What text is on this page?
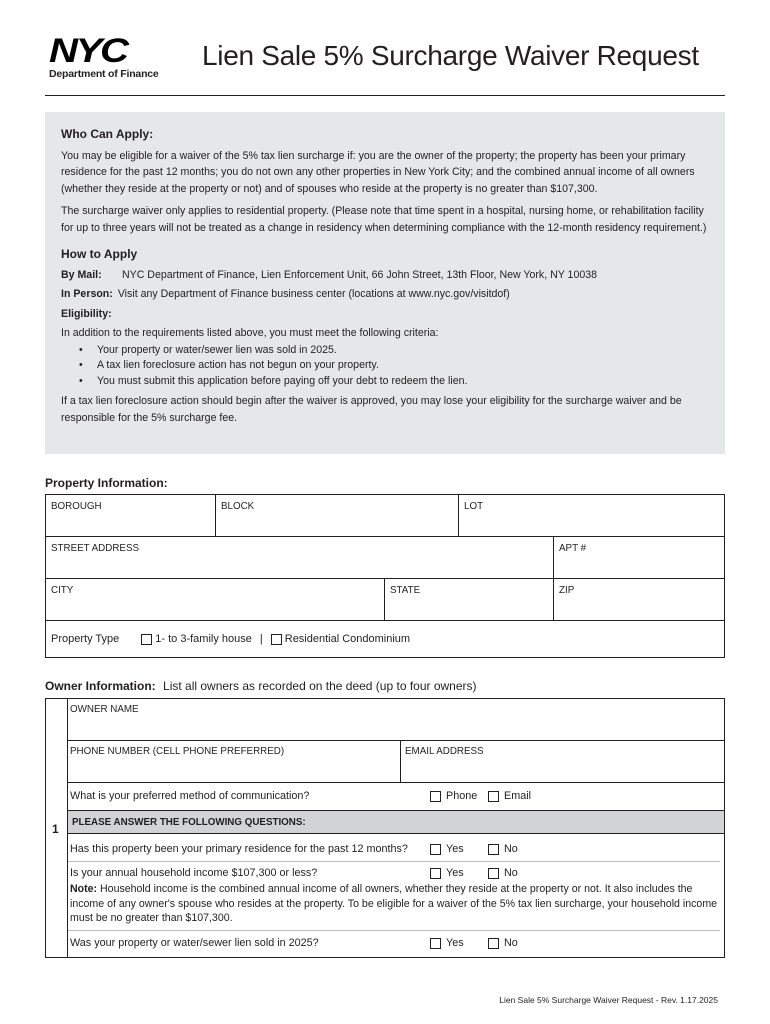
NYC
Department of Finance
Lien Sale 5% Surcharge Waiver Request
Who Can Apply:

You may be eligible for a waiver of the 5% tax lien surcharge if: you are the owner of the property; the property has been your primary residence for the past 12 months; you do not own any other properties in New York City; and the combined annual income of all owners (whether they reside at the property or not) and of spouses who reside at the property is no greater than $107,300.

The surcharge waiver only applies to residential property. (Please note that time spent in a hospital, nursing home, or rehabilitation facility for up to three years will not be treated as a change in residency when determining compliance with the 12-month residency requirement.)

How to Apply
By Mail:	NYC Department of Finance, Lien Enforcement Unit, 66 John Street, 13th Floor, New York, NY 10038
In Person: Visit any Department of Finance business center (locations at www.nyc.gov/visitdof)
Eligibility:

In addition to the requirements listed above, you must meet the following criteria:

• Your property or water/sewer lien was sold in 2025.
• A tax lien foreclosure action has not begun on your property.
• You must submit this application before paying off your debt to redeem the lien.

If a tax lien foreclosure action should begin after the waiver is approved, you may lose your eligibility for the surcharge waiver and be responsible for the 5% surcharge fee.

Property Information:
BOROUGH	BLOCK	LOT
STREET ADDRESS	APT #
CITY	STATE	ZIP
Property Type	1- to 3-family house | Residential Condominium
Owner Information: List all owners as recorded on the deed (up to four owners)
1
OWNER NAME
PHONE NUMBER (CELL PHONE PREFERRED)	EMAIL ADDRESS
What is your preferred method of communication?	Phone Email
PLEASE ANSWER THE FOLLOWING QUESTIONS:
Has this property been your primary residence for the past 12 months?	Yes	No
Is your annual household income $107,300 or less?	Yes	No
Note: Household income is the combined annual income of all owners, whether they reside at the property or not. It also includes the income of any owner's spouse who resides at the property. To be eligible for a waiver of the 5% tax lien surcharge, your household income must be no greater than $107,300.
Was your property or water/sewer lien sold in 2025?	Yes	No
Lien Sale 5% Surcharge Waiver Request - Rev. 1.17.2025
